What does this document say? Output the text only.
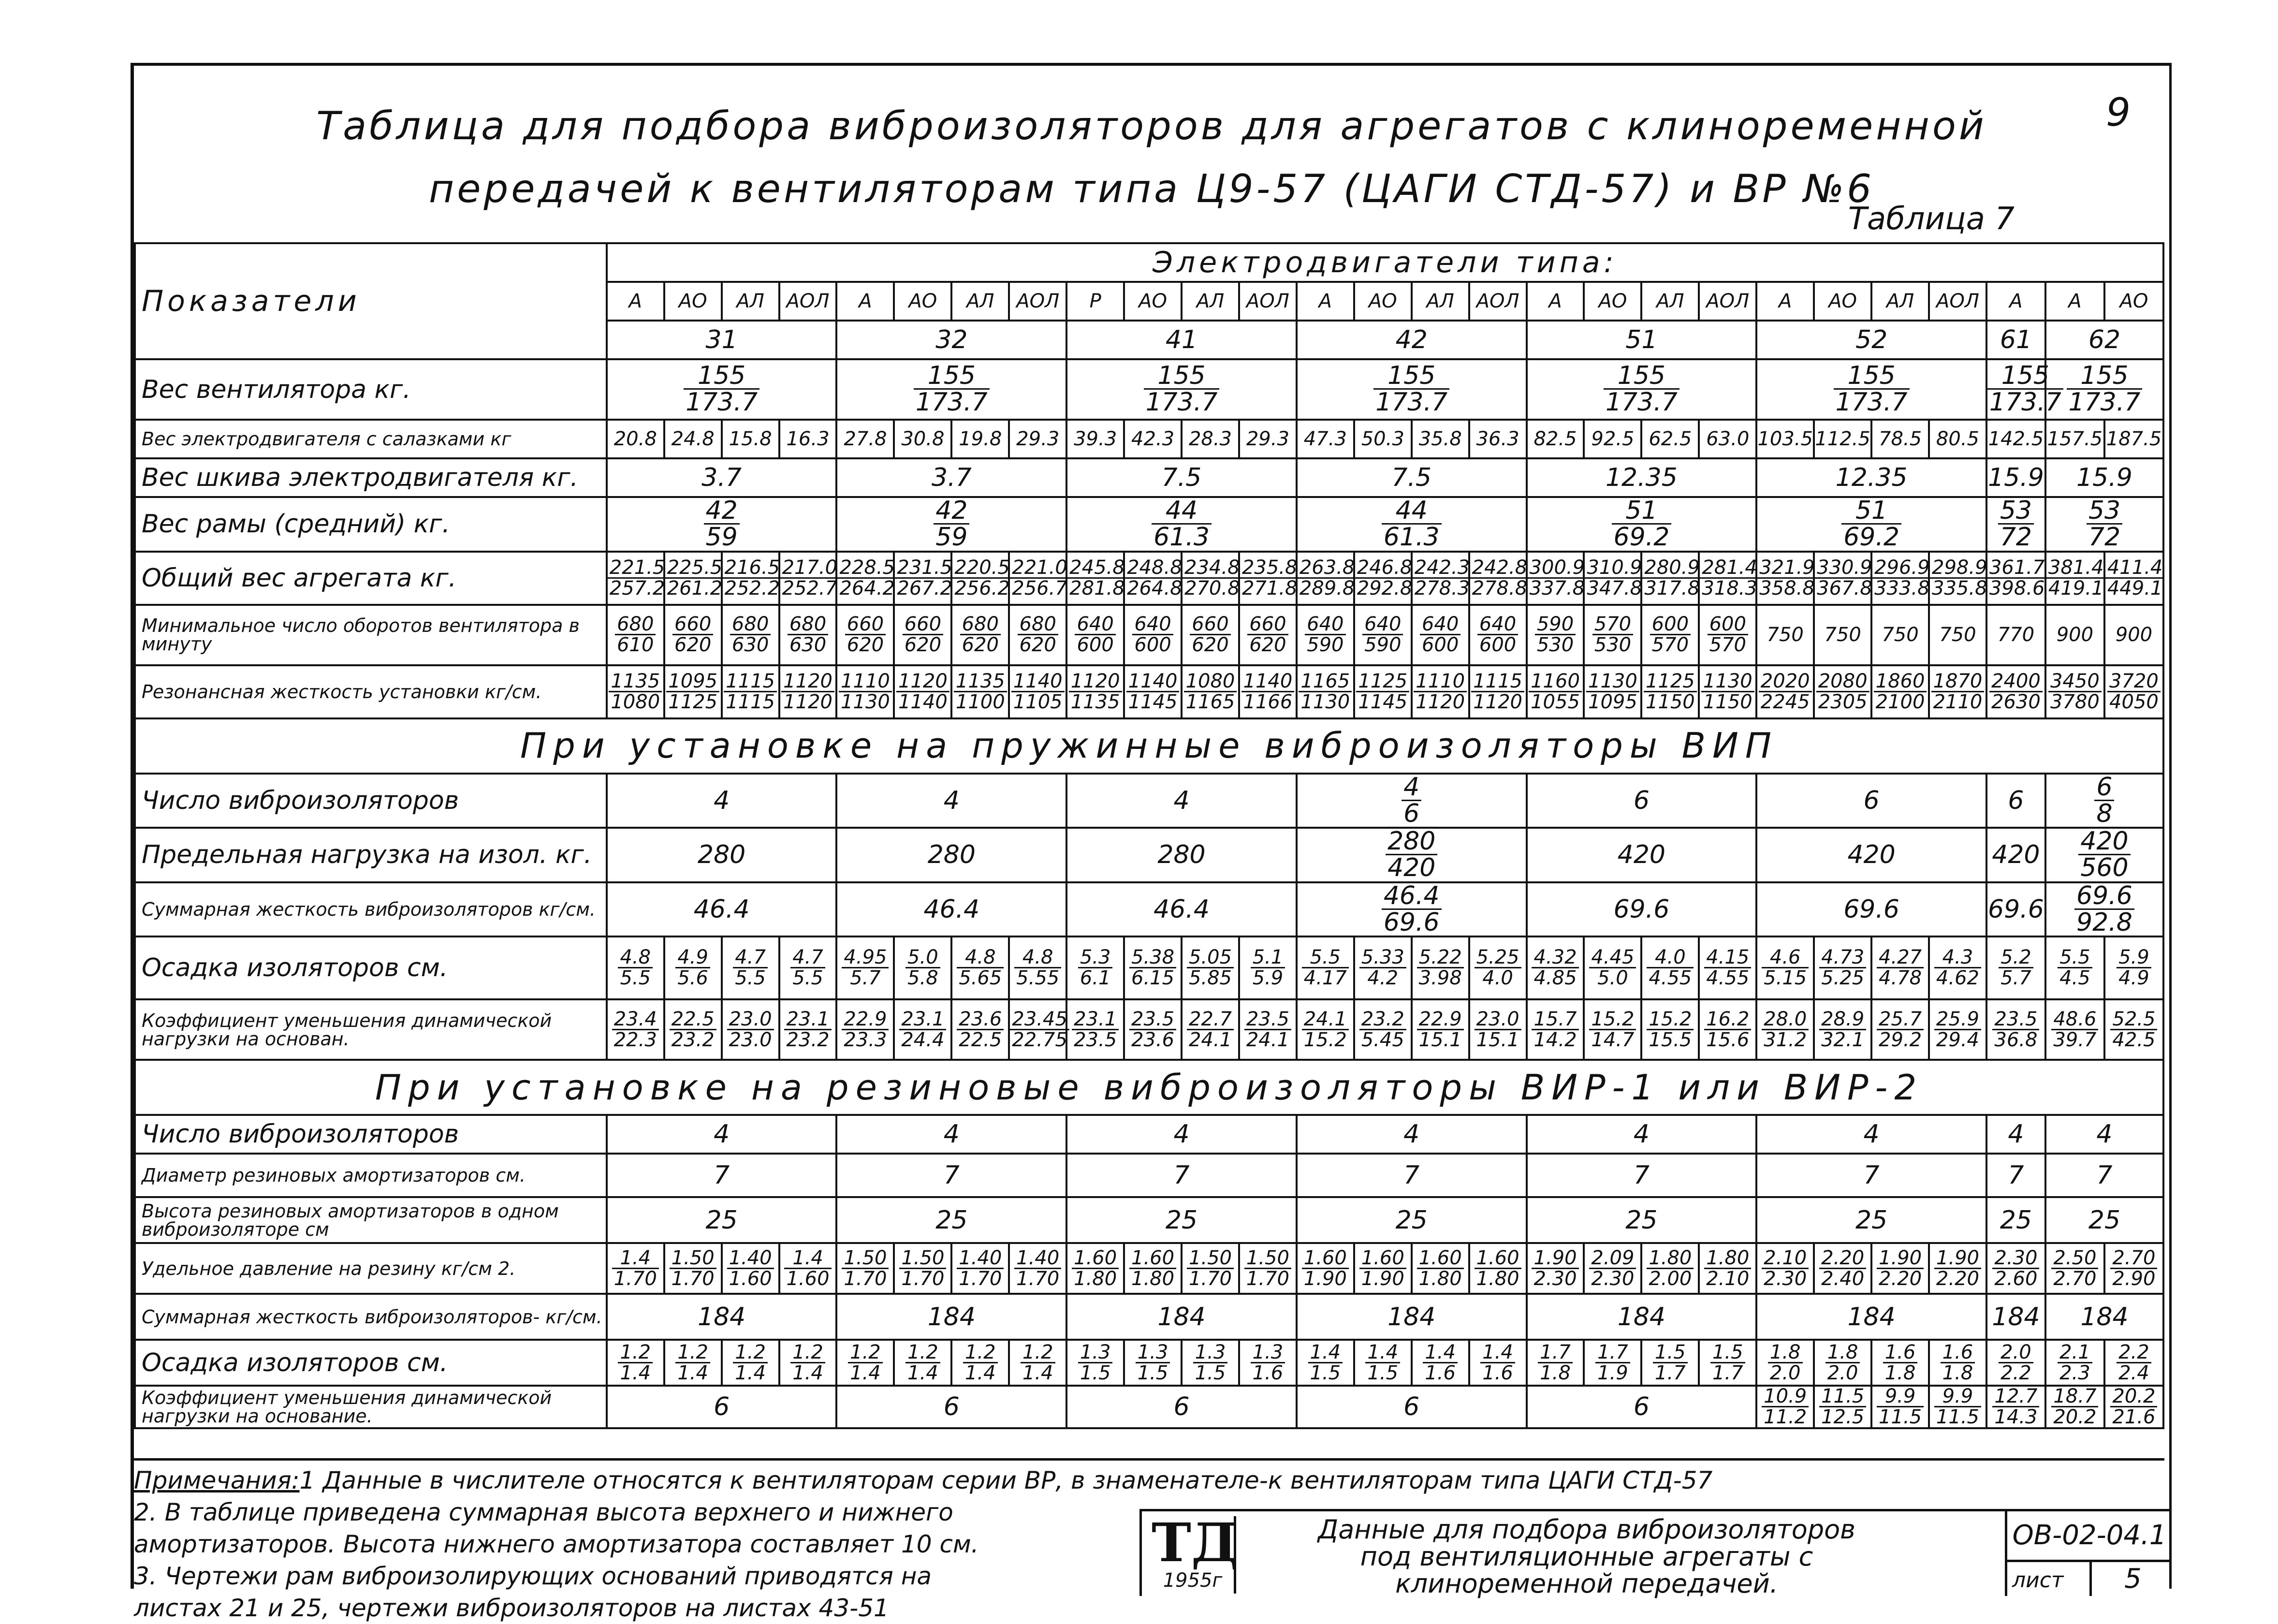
9
Таблица для подбора виброизоляторов для агрегатов с клиноременной
передачей к вентиляторам типа Ц9-57 (ЦАГИ СТД-57) и ВР №6
Таблица 7
Показатели	Электродвигатели типа:																										
	А	АО	АЛ	АОЛ	А	АО	АЛ	АОЛ	Р	АО	АЛ	АОЛ	А	АО	АЛ	АОЛ	А	АО	АЛ	АОЛ	А	АО	АЛ	АОЛ	А	А	АО
	31				32				41				42				51				52				61	62	
Вес вентилятора кг.	$\frac{155}{173.7}$				$\frac{155}{173.7}$				$\frac{155}{173.7}$				$\frac{155}{173.7}$				$\frac{155}{173.7}$				$\frac{155}{173.7}$				$\frac{155}{173.7}$	$\frac{155}{173.7}$

Вес электродвигателя с салазками кг	20.8	24.8	15.8	16.3	27.8	30.8	19.8	29.3	39.3	42.3	28.3	29.3	47.3	50.3	35.8	36.3	82.5	92.5	62.5	63.0	103.5	112.5	78.5	80.5	142.5	157.5	187.5
Вес шкива электродвигателя кг.	3.7				3.7				7.5				7.5				12.35				12.35				15.9	15.9	
Вес рамы (средний) кг.	$\frac{42}{59}$				$\frac{42}{59}$				$\frac{44}{61.3}$				$\frac{44}{61.3}$				$\frac{51}{69.2}$				$\frac{51}{69.2}$				$\frac{53}{72}$	$\frac{53}{72}$

Общий вес агрегата кг.	$\frac{221.5}{257.2}$	$\frac{225.5}{261.2}$	$\frac{216.5}{252.2}$	$\frac{217.0}{252.7}$	$\frac{228.5}{264.2}$	$\frac{231.5}{267.2}$	$\frac{220.5}{256.2}$	$\frac{221.0}{256.7}$	$\frac{245.8}{281.8}$	$\frac{248.8}{264.8}$	$\frac{234.8}{270.8}$	$\frac{235.8}{271.8}$	$\frac{263.8}{289.8}$	$\frac{246.8}{292.8}$	$\frac{242.3}{278.3}$	$\frac{242.8}{278.8}$	$\frac{300.9}{337.8}$	$\frac{310.9}{347.8}$	$\frac{280.9}{317.8}$	$\frac{281.4}{318.3}$	$\frac{321.9}{358.8}$	$\frac{330.9}{367.8}$	$\frac{296.9}{333.8}$	$\frac{298.9}{335.8}$	$\frac{361.7}{398.6}$	$\frac{381.4}{419.1}$	$\frac{411.4}{449.1}$

Минимальное число оборотов вентилятора в минуту	$\frac{680}{610}$	$\frac{660}{620}$	$\frac{680}{630}$	$\frac{680}{630}$	$\frac{660}{620}$	$\frac{660}{620}$	$\frac{680}{620}$	$\frac{680}{620}$	$\frac{640}{600}$	$\frac{640}{600}$	$\frac{660}{620}$	$\frac{660}{620}$	$\frac{640}{590}$	$\frac{640}{590}$	$\frac{640}{600}$	$\frac{640}{600}$	$\frac{590}{530}$	$\frac{570}{530}$	$\frac{600}{570}$	$\frac{600}{570}$	750	750	750	750	770	900	900
Резонансная жесткость установки кг/см.	$\frac{1135}{1080}$	$\frac{1095}{1125}$	$\frac{1115}{1115}$	$\frac{1120}{1120}$	$\frac{1110}{1130}$	$\frac{1120}{1140}$	$\frac{1135}{1100}$	$\frac{1140}{1105}$	$\frac{1120}{1135}$	$\frac{1140}{1145}$	$\frac{1080}{1165}$	$\frac{1140}{1166}$	$\frac{1165}{1130}$	$\frac{1125}{1145}$	$\frac{1110}{1120}$	$\frac{1115}{1120}$	$\frac{1160}{1055}$	$\frac{1130}{1095}$	$\frac{1125}{1150}$	$\frac{1130}{1150}$	$\frac{2020}{2245}$	$\frac{2080}{2305}$	$\frac{1860}{2100}$	$\frac{1870}{2110}$	$\frac{2400}{2630}$	$\frac{3450}{3780}$	$\frac{3720}{4050}$

При установке на пружинные виброизоляторы ВИП																											
Число виброизоляторов	4				4				4				$\frac{4}{6}$				6				6				6	$\frac{6}{8}$

Предельная нагрузка на изол. кг.	280				280				280				$\frac{280}{420}$				420				420				420	$\frac{420}{560}$

Суммарная жесткость виброизоляторов кг/см.	46.4				46.4				46.4				$\frac{46.4}{69.6}$				69.6				69.6				69.6	$\frac{69.6}{92.8}$

Осадка изоляторов см.	$\frac{4.8}{5.5}$	$\frac{4.9}{5.6}$	$\frac{4.7}{5.5}$	$\frac{4.7}{5.5}$	$\frac{4.95}{5.7}$	$\frac{5.0}{5.8}$	$\frac{4.8}{5.65}$	$\frac{4.8}{5.55}$	$\frac{5.3}{6.1}$	$\frac{5.38}{6.15}$	$\frac{5.05}{5.85}$	$\frac{5.1}{5.9}$	$\frac{5.5}{4.17}$	$\frac{5.33}{4.2}$	$\frac{5.22}{3.98}$	$\frac{5.25}{4.0}$	$\frac{4.32}{4.85}$	$\frac{4.45}{5.0}$	$\frac{4.0}{4.55}$	$\frac{4.15}{4.55}$	$\frac{4.6}{5.15}$	$\frac{4.73}{5.25}$	$\frac{4.27}{4.78}$	$\frac{4.3}{4.62}$	$\frac{5.2}{5.7}$	$\frac{5.5}{4.5}$	$\frac{5.9}{4.9}$

Коэффициент уменьшения динамической нагрузки на основан.	$\frac{23.4}{22.3}$	$\frac{22.5}{23.2}$	$\frac{23.0}{23.0}$	$\frac{23.1}{23.2}$	$\frac{22.9}{23.3}$	$\frac{23.1}{24.4}$	$\frac{23.6}{22.5}$	$\frac{23.45}{22.75}$	$\frac{23.1}{23.5}$	$\frac{23.5}{23.6}$	$\frac{22.7}{24.1}$	$\frac{23.5}{24.1}$	$\frac{24.1}{15.2}$	$\frac{23.2}{5.45}$	$\frac{22.9}{15.1}$	$\frac{23.0}{15.1}$	$\frac{15.7}{14.2}$	$\frac{15.2}{14.7}$	$\frac{15.2}{15.5}$	$\frac{16.2}{15.6}$	$\frac{28.0}{31.2}$	$\frac{28.9}{32.1}$	$\frac{25.7}{29.2}$	$\frac{25.9}{29.4}$	$\frac{23.5}{36.8}$	$\frac{48.6}{39.7}$	$\frac{52.5}{42.5}$

При установке на резиновые виброизоляторы ВИР-1 или ВИР-2																											
Число виброизоляторов	4				4				4				4				4				4				4	4	
Диаметр резиновых амортизаторов см.	7				7				7				7				7				7				7	7	
Высота резиновых амортизаторов в одном виброизоляторе см	25				25				25				25				25				25				25	25	
Удельное давление на резину кг/см 2.	$\frac{1.4}{1.70}$	$\frac{1.50}{1.70}$	$\frac{1.40}{1.60}$	$\frac{1.4}{1.60}$	$\frac{1.50}{1.70}$	$\frac{1.50}{1.70}$	$\frac{1.40}{1.70}$	$\frac{1.40}{1.70}$	$\frac{1.60}{1.80}$	$\frac{1.60}{1.80}$	$\frac{1.50}{1.70}$	$\frac{1.50}{1.70}$	$\frac{1.60}{1.90}$	$\frac{1.60}{1.90}$	$\frac{1.60}{1.80}$	$\frac{1.60}{1.80}$	$\frac{1.90}{2.30}$	$\frac{2.09}{2.30}$	$\frac{1.80}{2.00}$	$\frac{1.80}{2.10}$	$\frac{2.10}{2.30}$	$\frac{2.20}{2.40}$	$\frac{1.90}{2.20}$	$\frac{1.90}{2.20}$	$\frac{2.30}{2.60}$	$\frac{2.50}{2.70}$	$\frac{2.70}{2.90}$

Суммарная жесткость виброизоляторов- кг/см.	184				184				184				184				184				184				184	184	
Осадка изоляторов см.	$\frac{1.2}{1.4}$	$\frac{1.2}{1.4}$	$\frac{1.2}{1.4}$	$\frac{1.2}{1.4}$	$\frac{1.2}{1.4}$	$\frac{1.2}{1.4}$	$\frac{1.2}{1.4}$	$\frac{1.2}{1.4}$	$\frac{1.3}{1.5}$	$\frac{1.3}{1.5}$	$\frac{1.3}{1.5}$	$\frac{1.3}{1.6}$	$\frac{1.4}{1.5}$	$\frac{1.4}{1.5}$	$\frac{1.4}{1.6}$	$\frac{1.4}{1.6}$	$\frac{1.7}{1.8}$	$\frac{1.7}{1.9}$	$\frac{1.5}{1.7}$	$\frac{1.5}{1.7}$	$\frac{1.8}{2.0}$	$\frac{1.8}{2.0}$	$\frac{1.6}{1.8}$	$\frac{1.6}{1.8}$	$\frac{2.0}{2.2}$	$\frac{2.1}{2.3}$	$\frac{2.2}{2.4}$

Коэффициент уменьшения динамической нагрузки на основание.	6				6				6				6				6				$\frac{10.9}{11.2}$	$\frac{11.5}{12.5}$	$\frac{9.9}{11.5}$	$\frac{9.9}{11.5}$	$\frac{12.7}{14.3}$	$\frac{18.7}{20.2}$	$\frac{20.2}{21.6}$
Примечания:1 Данные в числителе относятся к вентиляторам серии ВР, в знаменателе-к вентиляторам типа ЦАГИ СТД-57
2. В таблице приведена суммарная высота верхнего и нижнего
амортизаторов. Высота нижнего амортизатора составляет 10 см.
3. Чертежи рам виброизолирующих оснований приводятся на
листах 21 и 25, чертежи виброизоляторов на листах 43-51
ТД
1955г
Данные для подбора виброизоляторов
под вентиляционные агрегаты с
клиноременной передачей.
ОВ-02-04.1
лист	5
